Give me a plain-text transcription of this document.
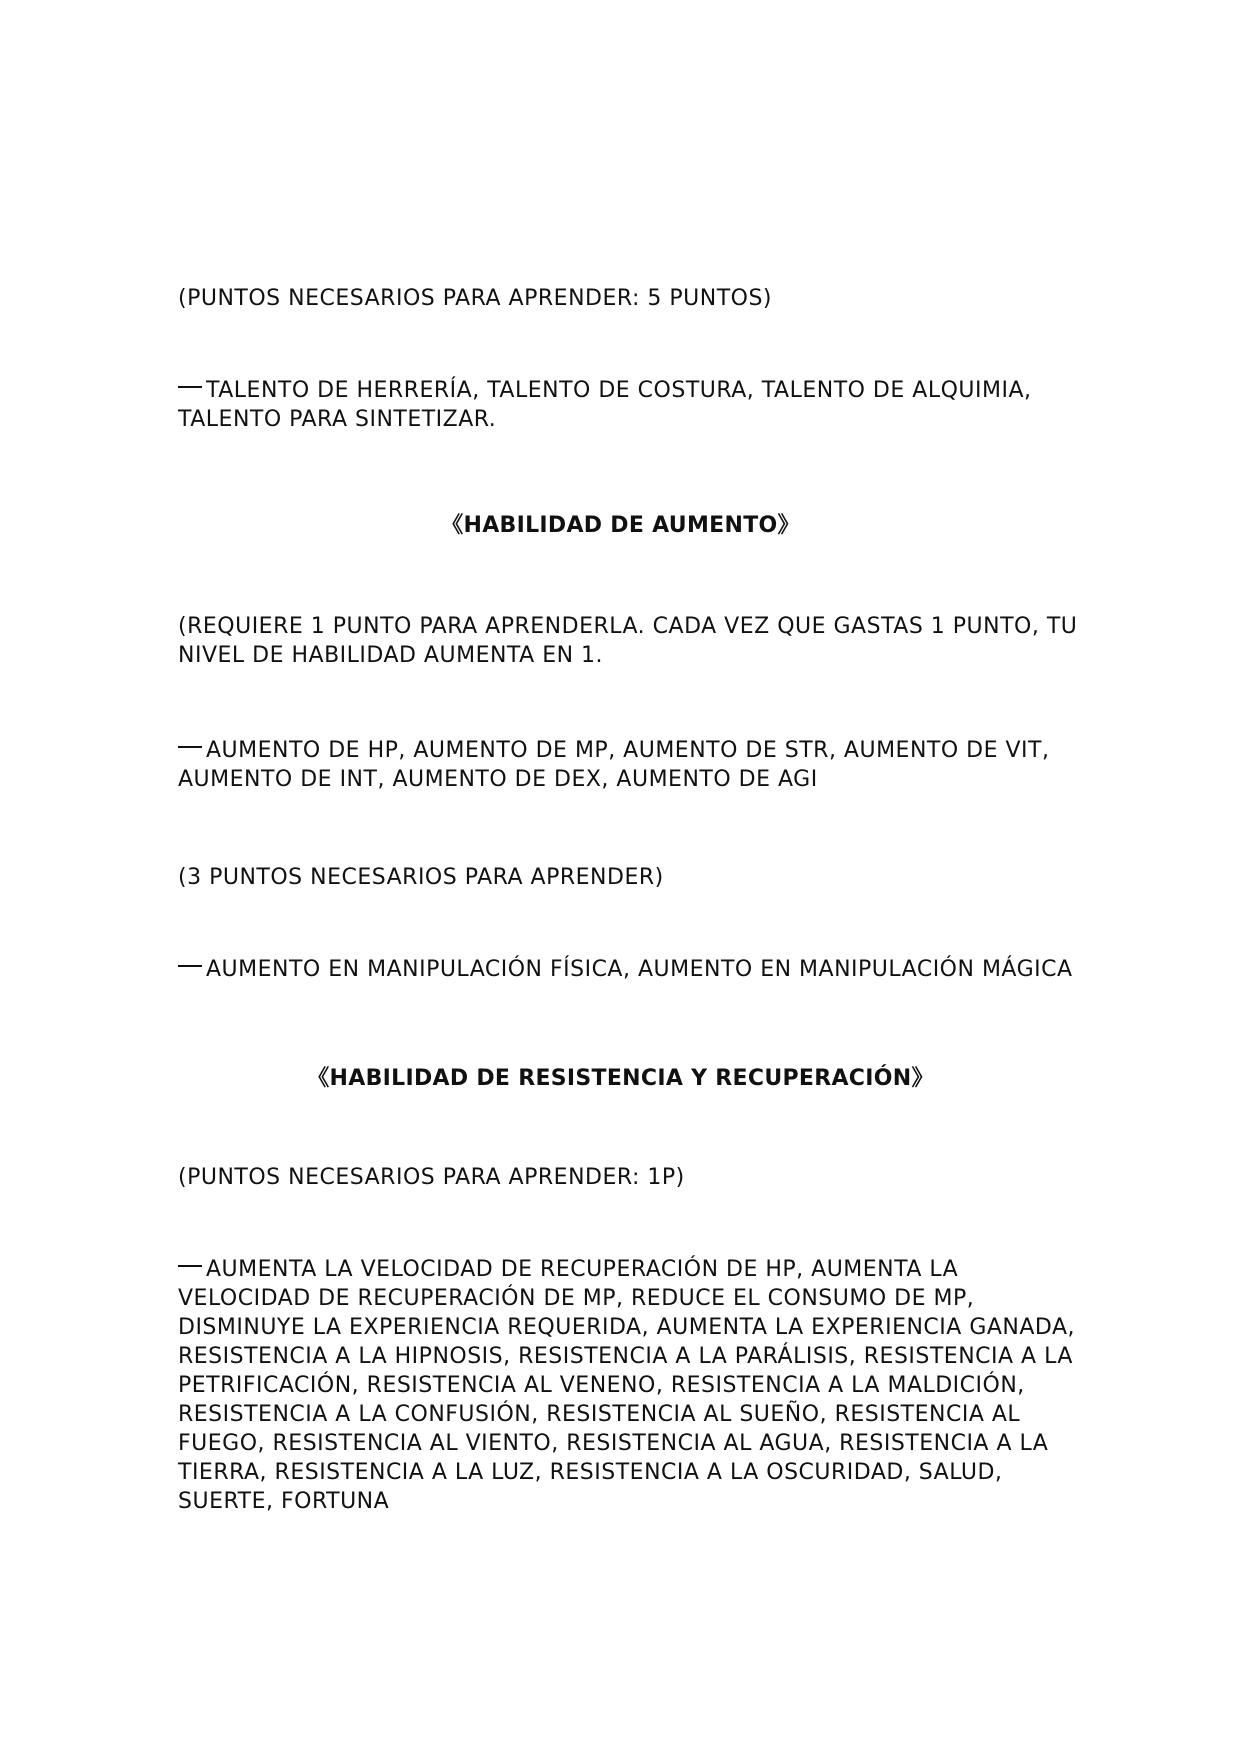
(PUNTOS NECESARIOS PARA APRENDER: 5 PUNTOS)
TALENTO DE HERRERÍA, TALENTO DE COSTURA, TALENTO DE ALQUIMIA, TALENTO PARA SINTETIZAR.
《HABILIDAD DE AUMENTO》
(REQUIERE 1 PUNTO PARA APRENDERLA. CADA VEZ QUE GASTAS 1 PUNTO, TU NIVEL DE HABILIDAD AUMENTA EN 1.
AUMENTO DE HP, AUMENTO DE MP, AUMENTO DE STR, AUMENTO DE VIT, AUMENTO DE INT, AUMENTO DE DEX, AUMENTO DE AGI
(3 PUNTOS NECESARIOS PARA APRENDER)
AUMENTO EN MANIPULACIÓN FÍSICA, AUMENTO EN MANIPULACIÓN MÁGICA
《HABILIDAD DE RESISTENCIA Y RECUPERACIÓN》
(PUNTOS NECESARIOS PARA APRENDER: 1P)
AUMENTA LA VELOCIDAD DE RECUPERACIÓN DE HP, AUMENTA LA VELOCIDAD DE RECUPERACIÓN DE MP, REDUCE EL CONSUMO DE MP, DISMINUYE LA EXPERIENCIA REQUERIDA, AUMENTA LA EXPERIENCIA GANADA, RESISTENCIA A LA HIPNOSIS, RESISTENCIA A LA PARÁLISIS, RESISTENCIA A LA PETRIFICACIÓN, RESISTENCIA AL VENENO, RESISTENCIA A LA MALDICIÓN, RESISTENCIA A LA CONFUSIÓN, RESISTENCIA AL SUEÑO, RESISTENCIA AL FUEGO, RESISTENCIA AL VIENTO, RESISTENCIA AL AGUA, RESISTENCIA A LA TIERRA, RESISTENCIA A LA LUZ, RESISTENCIA A LA OSCURIDAD, SALUD, SUERTE, FORTUNA
